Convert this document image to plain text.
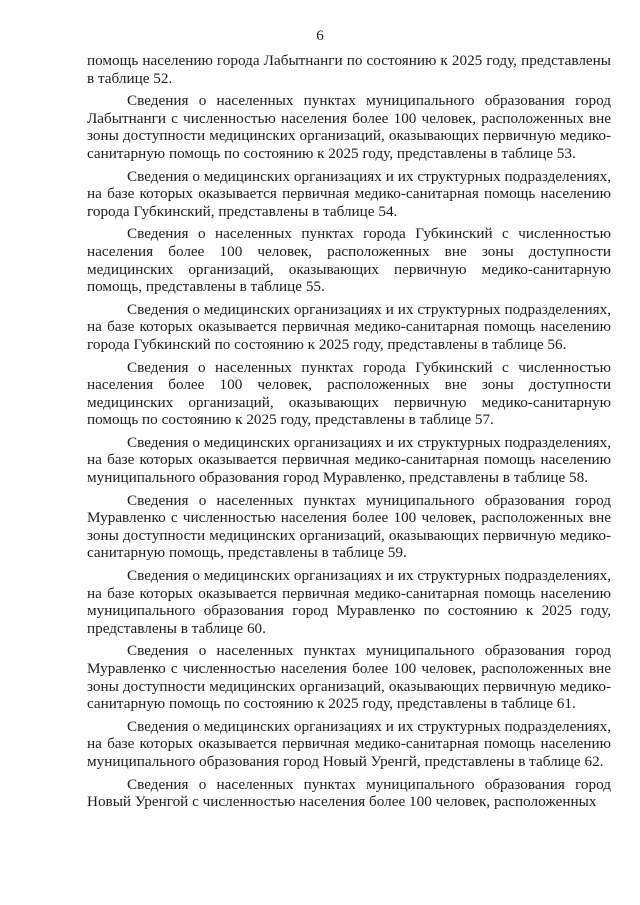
6

помощь населению города Лабытнанги по состоянию к 2025 году, представлены в таблице 52.

Сведения о населенных пунктах муниципального образования город Лабытнанги с численностью населения более 100 человек, расположенных вне зоны доступности медицинских организаций, оказывающих первичную медико-санитарную помощь по состоянию к 2025 году, представлены в таблице 53.

Сведения о медицинских организациях и их структурных подразделениях, на базе которых оказывается первичная медико-санитарная помощь населению города Губкинский, представлены в таблице 54.

Сведения о населенных пунктах города Губкинский с численностью населения более 100 человек, расположенных вне зоны доступности медицинских организаций, оказывающих первичную медико-санитарную помощь, представлены в таблице 55.

Сведения о медицинских организациях и их структурных подразделениях, на базе которых оказывается первичная медико-санитарная помощь населению города Губкинский по состоянию к 2025 году, представлены в таблице 56.

Сведения о населенных пунктах города Губкинский с численностью населения более 100 человек, расположенных вне зоны доступности медицинских организаций, оказывающих первичную медико-санитарную помощь по состоянию к 2025 году, представлены в таблице 57.

Сведения о медицинских организациях и их структурных подразделениях, на базе которых оказывается первичная медико-санитарная помощь населению муниципального образования город Муравленко, представлены в таблице 58.

Сведения о населенных пунктах муниципального образования город Муравленко с численностью населения более 100 человек, расположенных вне зоны доступности медицинских организаций, оказывающих первичную медико-санитарную помощь, представлены в таблице 59.

Сведения о медицинских организациях и их структурных подразделениях, на базе которых оказывается первичная медико-санитарная помощь населению муниципального образования город Муравленко по состоянию к 2025 году, представлены в таблице 60.

Сведения о населенных пунктах муниципального образования город Муравленко с численностью населения более 100 человек, расположенных вне зоны доступности медицинских организаций, оказывающих первичную медико-санитарную помощь по состоянию к 2025 году, представлены в таблице 61.

Сведения о медицинских организациях и их структурных подразделениях, на базе которых оказывается первичная медико-санитарная помощь населению муниципального образования город Новый Уренгй, представлены в таблице 62.

Сведения о населенных пунктах муниципального образования город Новый Уренгой с численностью населения более 100 человек, расположенных
